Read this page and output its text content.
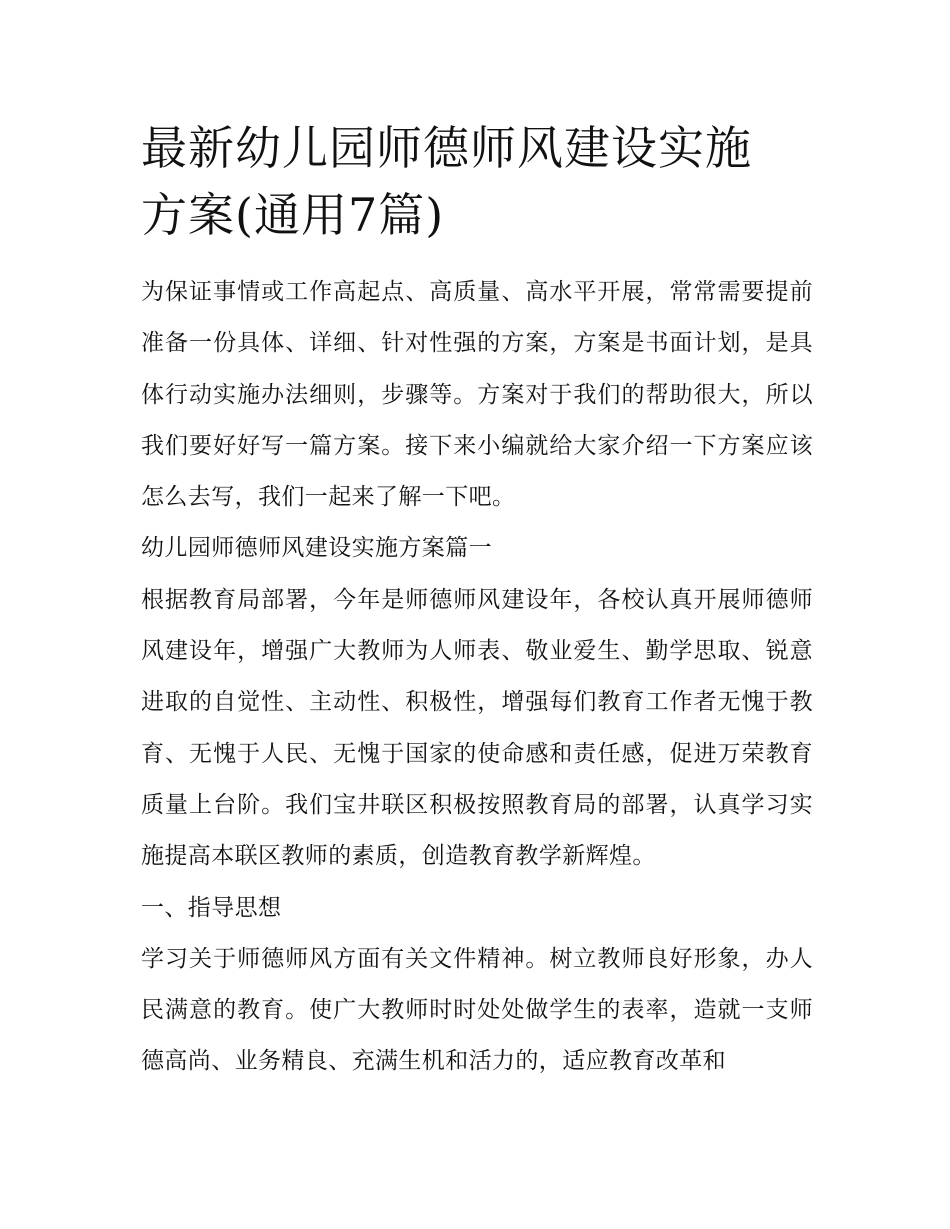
最新幼儿园师德师风建设实施
方案(通用7篇)

为保证事情或工作高起点、高质量、高水平开展，常常需要提前准备一份具体、详细、针对性强的方案，方案是书面计划，是具体行动实施办法细则，步骤等。方案对于我们的帮助很大，所以我们要好好写一篇方案。接下来小编就给大家介绍一下方案应该怎么去写，我们一起来了解一下吧。

幼儿园师德师风建设实施方案篇一

根据教育局部署，今年是师德师风建设年，各校认真开展师德师风建设年，增强广大教师为人师表、敬业爱生、勤学思取、锐意进取的自觉性、主动性、积极性，增强每们教育工作者无愧于教育、无愧于人民、无愧于国家的使命感和责任感，促进万荣教育质量上台阶。我们宝井联区积极按照教育局的部署，认真学习实施提高本联区教师的素质，创造教育教学新辉煌。

一、指导思想

学习关于师德师风方面有关文件精神。树立教师良好形象，办人民满意的教育。使广大教师时时处处做学生的表率，造就一支师德高尚、业务精良、充满生机和活力的，适应教育改革和
